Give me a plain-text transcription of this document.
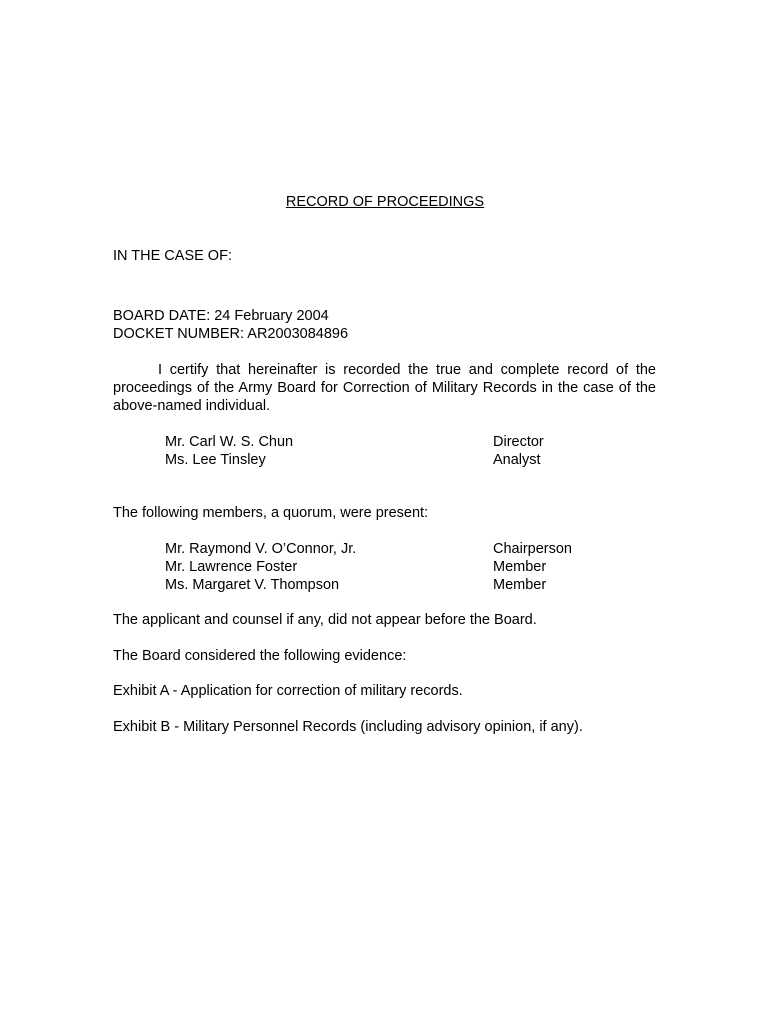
RECORD OF PROCEEDINGS
IN THE CASE OF:
BOARD DATE: 24 February 2004
DOCKET NUMBER: AR2003084896
I certify that hereinafter is recorded the true and complete record of the proceedings of the Army Board for Correction of Military Records in the case of the above-named individual.
Mr. Carl W. S. Chun	Director
Ms. Lee Tinsley	Analyst
The following members, a quorum, were present:
Mr. Raymond V. O’Connor, Jr.	Chairperson
Mr. Lawrence Foster	Member
Ms. Margaret V. Thompson	Member
The applicant and counsel if any, did not appear before the Board.
The Board considered the following evidence:
Exhibit A - Application for correction of military records.
Exhibit B - Military Personnel Records (including advisory opinion, if any).
